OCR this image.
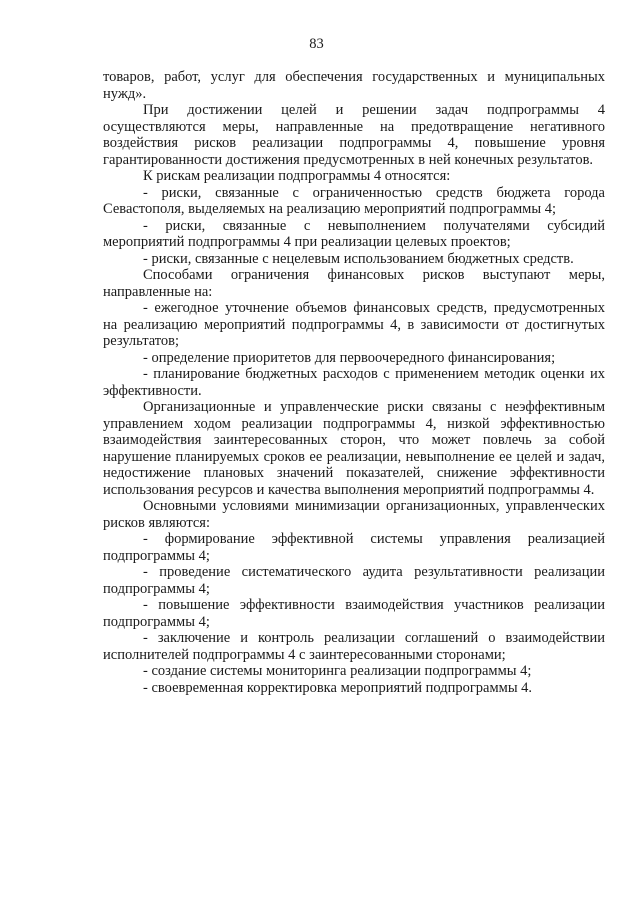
83

товаров, работ, услуг для обеспечения государственных и муниципальных нужд».

При достижении целей и решении задач подпрограммы 4 осуществляются меры, направленные на предотвращение негативного воздействия рисков реализации подпрограммы 4, повышение уровня гарантированности достижения предусмотренных в ней конечных результатов.

К рискам реализации подпрограммы 4 относятся:

- риски, связанные с ограниченностью средств бюджета города Севастополя, выделяемых на реализацию мероприятий подпрограммы 4;

- риски, связанные с невыполнением получателями субсидий мероприятий подпрограммы 4 при реализации целевых проектов;

- риски, связанные с нецелевым использованием бюджетных средств.

Способами ограничения финансовых рисков выступают меры, направленные на:

- ежегодное уточнение объемов финансовых средств, предусмотренных на реализацию мероприятий подпрограммы 4, в зависимости от достигнутых результатов;

- определение приоритетов для первоочередного финансирования;

- планирование бюджетных расходов с применением методик оценки их эффективности.

Организационные и управленческие риски связаны с неэффективным управлением ходом реализации подпрограммы 4, низкой эффективностью взаимодействия заинтересованных сторон, что может повлечь за собой нарушение планируемых сроков ее реализации, невыполнение ее целей и задач, недостижение плановых значений показателей, снижение эффективности использования ресурсов и качества выполнения мероприятий подпрограммы 4.

Основными условиями минимизации организационных, управленческих рисков являются:

- формирование эффективной системы управления реализацией подпрограммы 4;

- проведение систематического аудита результативности реализации подпрограммы 4;

- повышение эффективности взаимодействия участников реализации подпрограммы 4;

- заключение и контроль реализации соглашений о взаимодействии исполнителей подпрограммы 4 с заинтересованными сторонами;

- создание системы мониторинга реализации подпрограммы 4;

- своевременная корректировка мероприятий подпрограммы 4.
